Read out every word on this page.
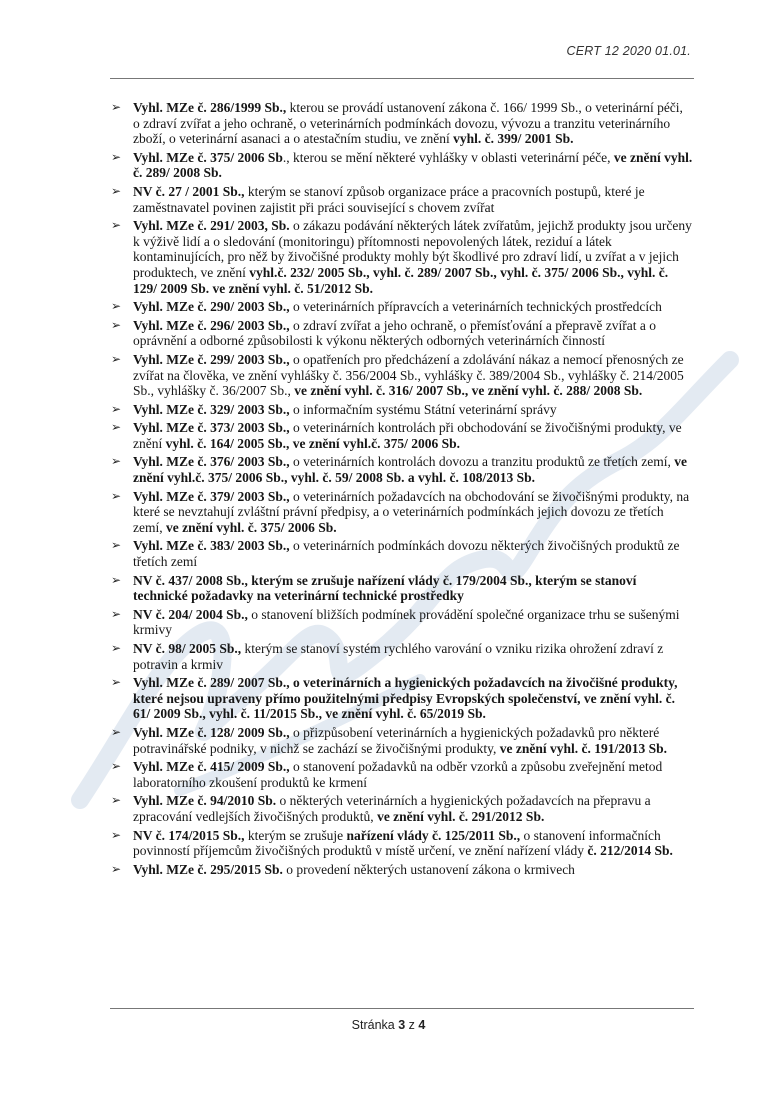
CERT 12 2020 01.01.
➢ Vyhl. MZe č. 286/1999 Sb., kterou se provádí ustanovení zákona č. 166/ 1999 Sb., o veterinární péči, o zdraví zvířat a jeho ochraně, o veterinárních podmínkách dovozu, vývozu a tranzitu veterinárního zboží, o veterinární asanaci a o atestačním studiu, ve znění vyhl. č. 399/ 2001 Sb.
➢ Vyhl. MZe č. 375/ 2006 Sb., kterou se mění některé vyhlášky v oblasti veterinární péče, ve znění vyhl. č. 289/ 2008 Sb.
➢ NV č. 27 / 2001 Sb., kterým se stanoví způsob organizace práce a pracovních postupů, které je zaměstnavatel povinen zajistit při práci související s chovem zvířat
➢ Vyhl. MZe č. 291/ 2003, Sb. o zákazu podávání některých látek zvířatům, jejichž produkty jsou určeny k výživě lidí a o sledování (monitoringu) přítomnosti nepovolených látek, reziduí a látek kontaminujících, pro něž by živočišné produkty mohly být škodlivé pro zdraví lidí, u zvířat a v jejich produktech, ve znění vyhl.č. 232/ 2005 Sb., vyhl. č. 289/ 2007 Sb., vyhl. č. 375/ 2006 Sb., vyhl. č. 129/ 2009 Sb. ve znění vyhl. č. 51/2012 Sb.
➢ Vyhl. MZe č. 290/ 2003 Sb., o veterinárních přípravcích a veterinárních technických prostředcích
➢ Vyhl. MZe č. 296/ 2003 Sb., o zdraví zvířat a jeho ochraně, o přemísťování a přepravě zvířat a o oprávnění a odborné způsobilosti k výkonu některých odborných veterinárních činností
➢ Vyhl. MZe č. 299/ 2003 Sb., o opatřeních pro předcházení a zdolávání nákaz a nemocí přenosných ze zvířat na člověka, ve znění vyhlášky č. 356/2004 Sb., vyhlášky č. 389/2004 Sb., vyhlášky č. 214/2005 Sb., vyhlášky č. 36/2007 Sb., ve znění vyhl. č. 316/ 2007 Sb., ve znění vyhl. č. 288/ 2008 Sb.
➢ Vyhl. MZe č. 329/ 2003 Sb., o informačním systému Státní veterinární správy
➢ Vyhl. MZe č. 373/ 2003 Sb., o veterinárních kontrolách při obchodování se živočišnými produkty, ve znění vyhl. č. 164/ 2005 Sb., ve znění vyhl.č. 375/ 2006 Sb.
➢ Vyhl. MZe č. 376/ 2003 Sb., o veterinárních kontrolách dovozu a tranzitu produktů ze třetích zemí, ve znění vyhl.č. 375/ 2006 Sb., vyhl. č. 59/ 2008 Sb. a vyhl. č. 108/2013 Sb.
➢ Vyhl. MZe č. 379/ 2003 Sb., o veterinárních požadavcích na obchodování se živočišnými produkty, na které se nevztahují zvláštní právní předpisy, a o veterinárních podmínkách jejich dovozu ze třetích zemí, ve znění vyhl. č. 375/ 2006 Sb.
➢ Vyhl. MZe č. 383/ 2003 Sb., o veterinárních podmínkách dovozu některých živočišných produktů ze třetích zemí
➢ NV č. 437/ 2008 Sb., kterým se zrušuje nařízení vlády č. 179/2004 Sb., kterým se stanoví technické požadavky na veterinární technické prostředky
➢ NV č. 204/ 2004 Sb., o stanovení bližších podmínek provádění společné organizace trhu se sušenými krmivy
➢ NV č. 98/ 2005 Sb., kterým se stanoví systém rychlého varování o vzniku rizika ohrožení zdraví z potravin a krmiv
➢ Vyhl. MZe č. 289/ 2007 Sb., o veterinárních a hygienických požadavcích na živočišné produkty, které nejsou upraveny přímo použitelnými předpisy Evropských společenství, ve znění vyhl. č. 61/ 2009 Sb., vyhl. č. 11/2015 Sb., ve znění vyhl. č. 65/2019 Sb.
➢ Vyhl. MZe č. 128/ 2009 Sb., o přizpůsobení veterinárních a hygienických požadavků pro některé potravinářské podniky, v nichž se zachází se živočišnými produkty, ve znění vyhl. č. 191/2013 Sb.
➢ Vyhl. MZe č. 415/ 2009 Sb., o stanovení požadavků na odběr vzorků a způsobu zveřejnění metod laboratorního zkoušení produktů ke krmení
➢ Vyhl. MZe č. 94/2010 Sb. o některých veterinárních a hygienických požadavcích na přepravu a zpracování vedlejších živočišných produktů, ve znění vyhl. č. 291/2012 Sb.
➢ NV č. 174/2015 Sb., kterým se zrušuje nařízení vlády č. 125/2011 Sb., o stanovení informačních povinností příjemcům živočišných produktů v místě určení, ve znění nařízení vlády č. 212/2014 Sb.
➢ Vyhl. MZe č. 295/2015 Sb. o provedení některých ustanovení zákona o krmivech
Stránka 3 z 4
